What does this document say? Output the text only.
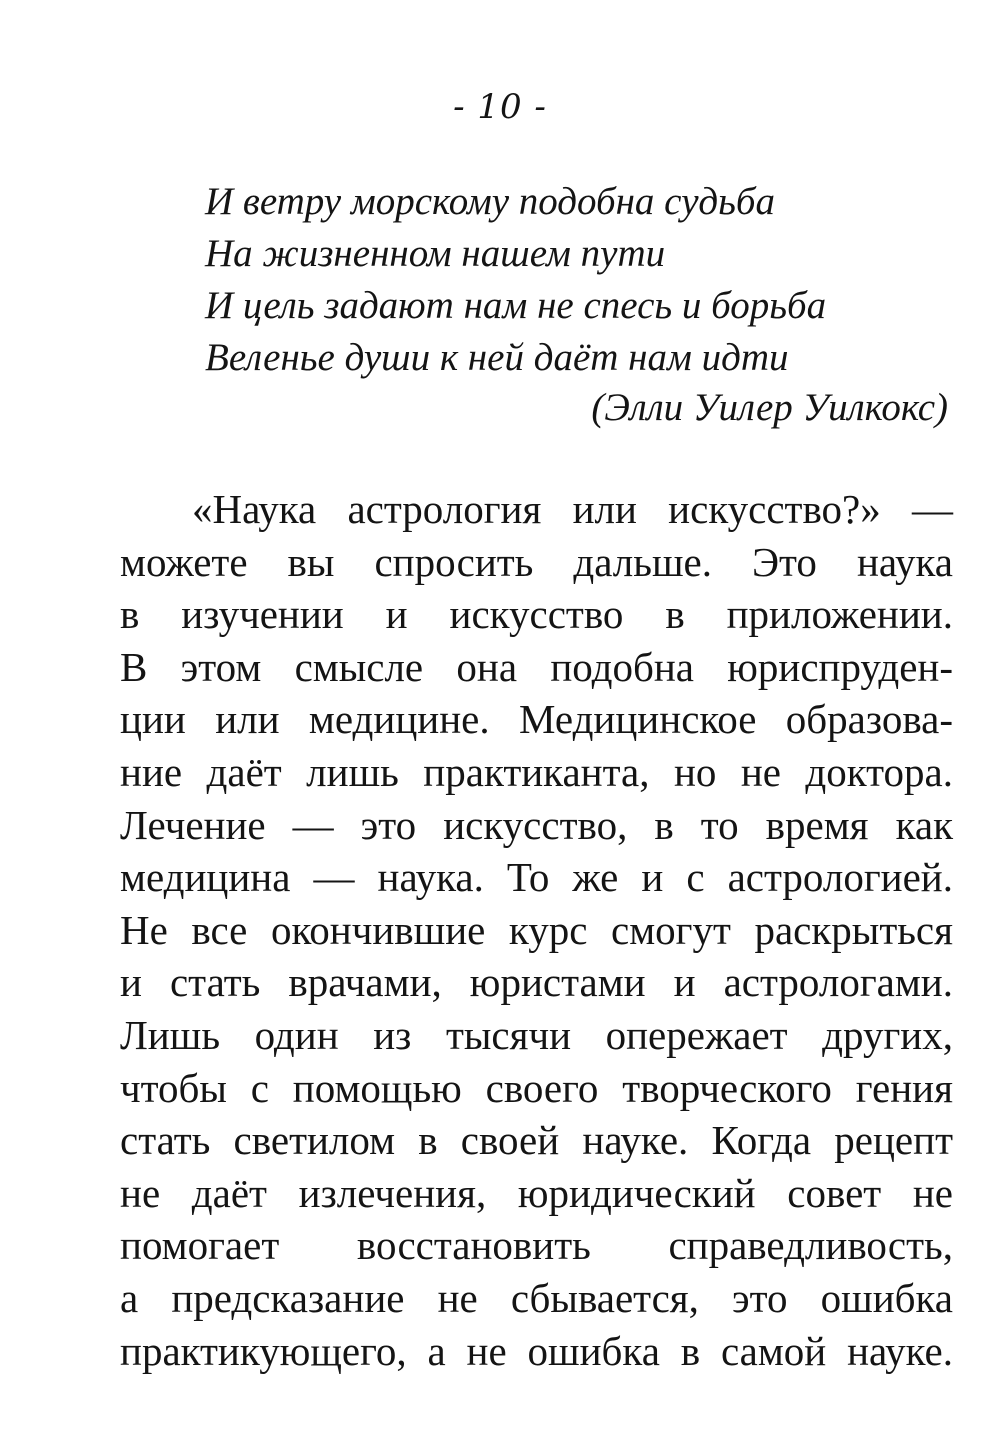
- 10 -
И ветру морскому подобна судьба
На жизненном нашем пути
И цель задают нам не спесь и борьба
Веленье души к ней даёт нам идти
(Элли Уилер Уилкокс)
«Наука астрология или искусство?» —
можете вы спросить дальше. Это наука
в изучении и искусство в приложении.
В этом смысле она подобна юриспруден-
ции или медицине. Медицинское образова-
ние даёт лишь практиканта, но не доктора.
Лечение — это искусство, в то время как
медицина — наука. То же и с астрологией.
Не все окончившие курс смогут раскрыться
и стать врачами, юристами и астрологами.
Лишь один из тысячи опережает других,
чтобы с помощью своего творческого гения
стать светилом в своей науке. Когда рецепт
не даёт излечения, юридический совет не
помогает восстановить справедливость,
а предсказание не сбывается, это ошибка
практикующего, а не ошибка в самой науке.
